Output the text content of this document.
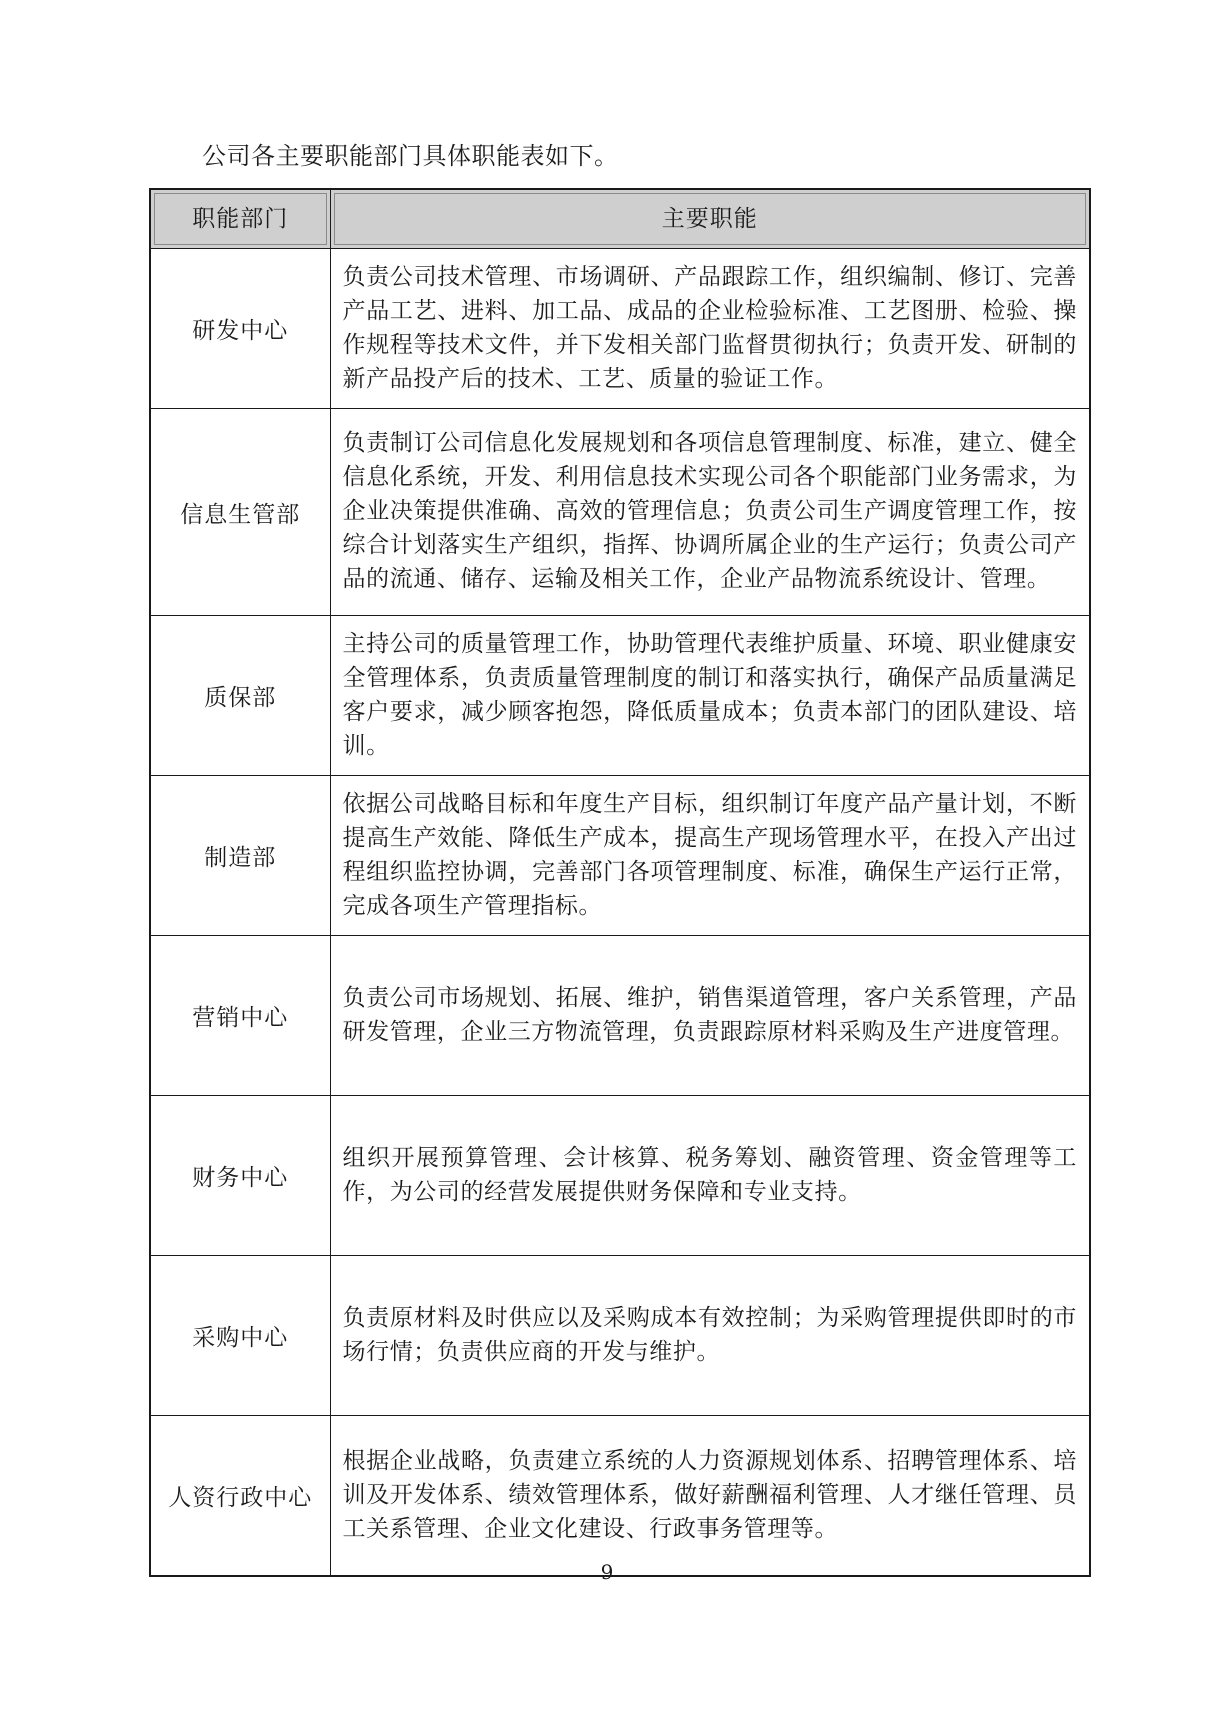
公司各主要职能部门具体职能表如下。

职能部门	主要职能

研发中心	负责公司技术管理、市场调研、产品跟踪工作，组织编制、修订、完善产品工艺、进料、加工品、成品的企业检验标准、工艺图册、检验、操作规程等技术文件，并下发相关部门监督贯彻执行；负责开发、研制的新产品投产后的技术、工艺、质量的验证工作。
信息生管部	负责制订公司信息化发展规划和各项信息管理制度、标准，建立、健全信息化系统，开发、利用信息技术实现公司各个职能部门业务需求，为企业决策提供准确、高效的管理信息；负责公司生产调度管理工作，按综合计划落实生产组织，指挥、协调所属企业的生产运行；负责公司产品的流通、储存、运输及相关工作，企业产品物流系统设计、管理。
质保部	主持公司的质量管理工作，协助管理代表维护质量、环境、职业健康安全管理体系，负责质量管理制度的制订和落实执行，确保产品质量满足客户要求，减少顾客抱怨，降低质量成本；负责本部门的团队建设、培训。
制造部	依据公司战略目标和年度生产目标，组织制订年度产品产量计划，不断提高生产效能、降低生产成本，提高生产现场管理水平，在投入产出过程组织监控协调，完善部门各项管理制度、标准，确保生产运行正常，完成各项生产管理指标。
营销中心	负责公司市场规划、拓展、维护，销售渠道管理，客户关系管理，产品研发管理，企业三方物流管理，负责跟踪原材料采购及生产进度管理。
财务中心	组织开展预算管理、会计核算、税务筹划、融资管理、资金管理等工作，为公司的经营发展提供财务保障和专业支持。
采购中心	负责原材料及时供应以及采购成本有效控制；为采购管理提供即时的市场行情；负责供应商的开发与维护。
人资行政中心	根据企业战略，负责建立系统的人力资源规划体系、招聘管理体系、培训及开发体系、绩效管理体系，做好薪酬福利管理、人才继任管理、员工关系管理、企业文化建设、行政事务管理等。
9
